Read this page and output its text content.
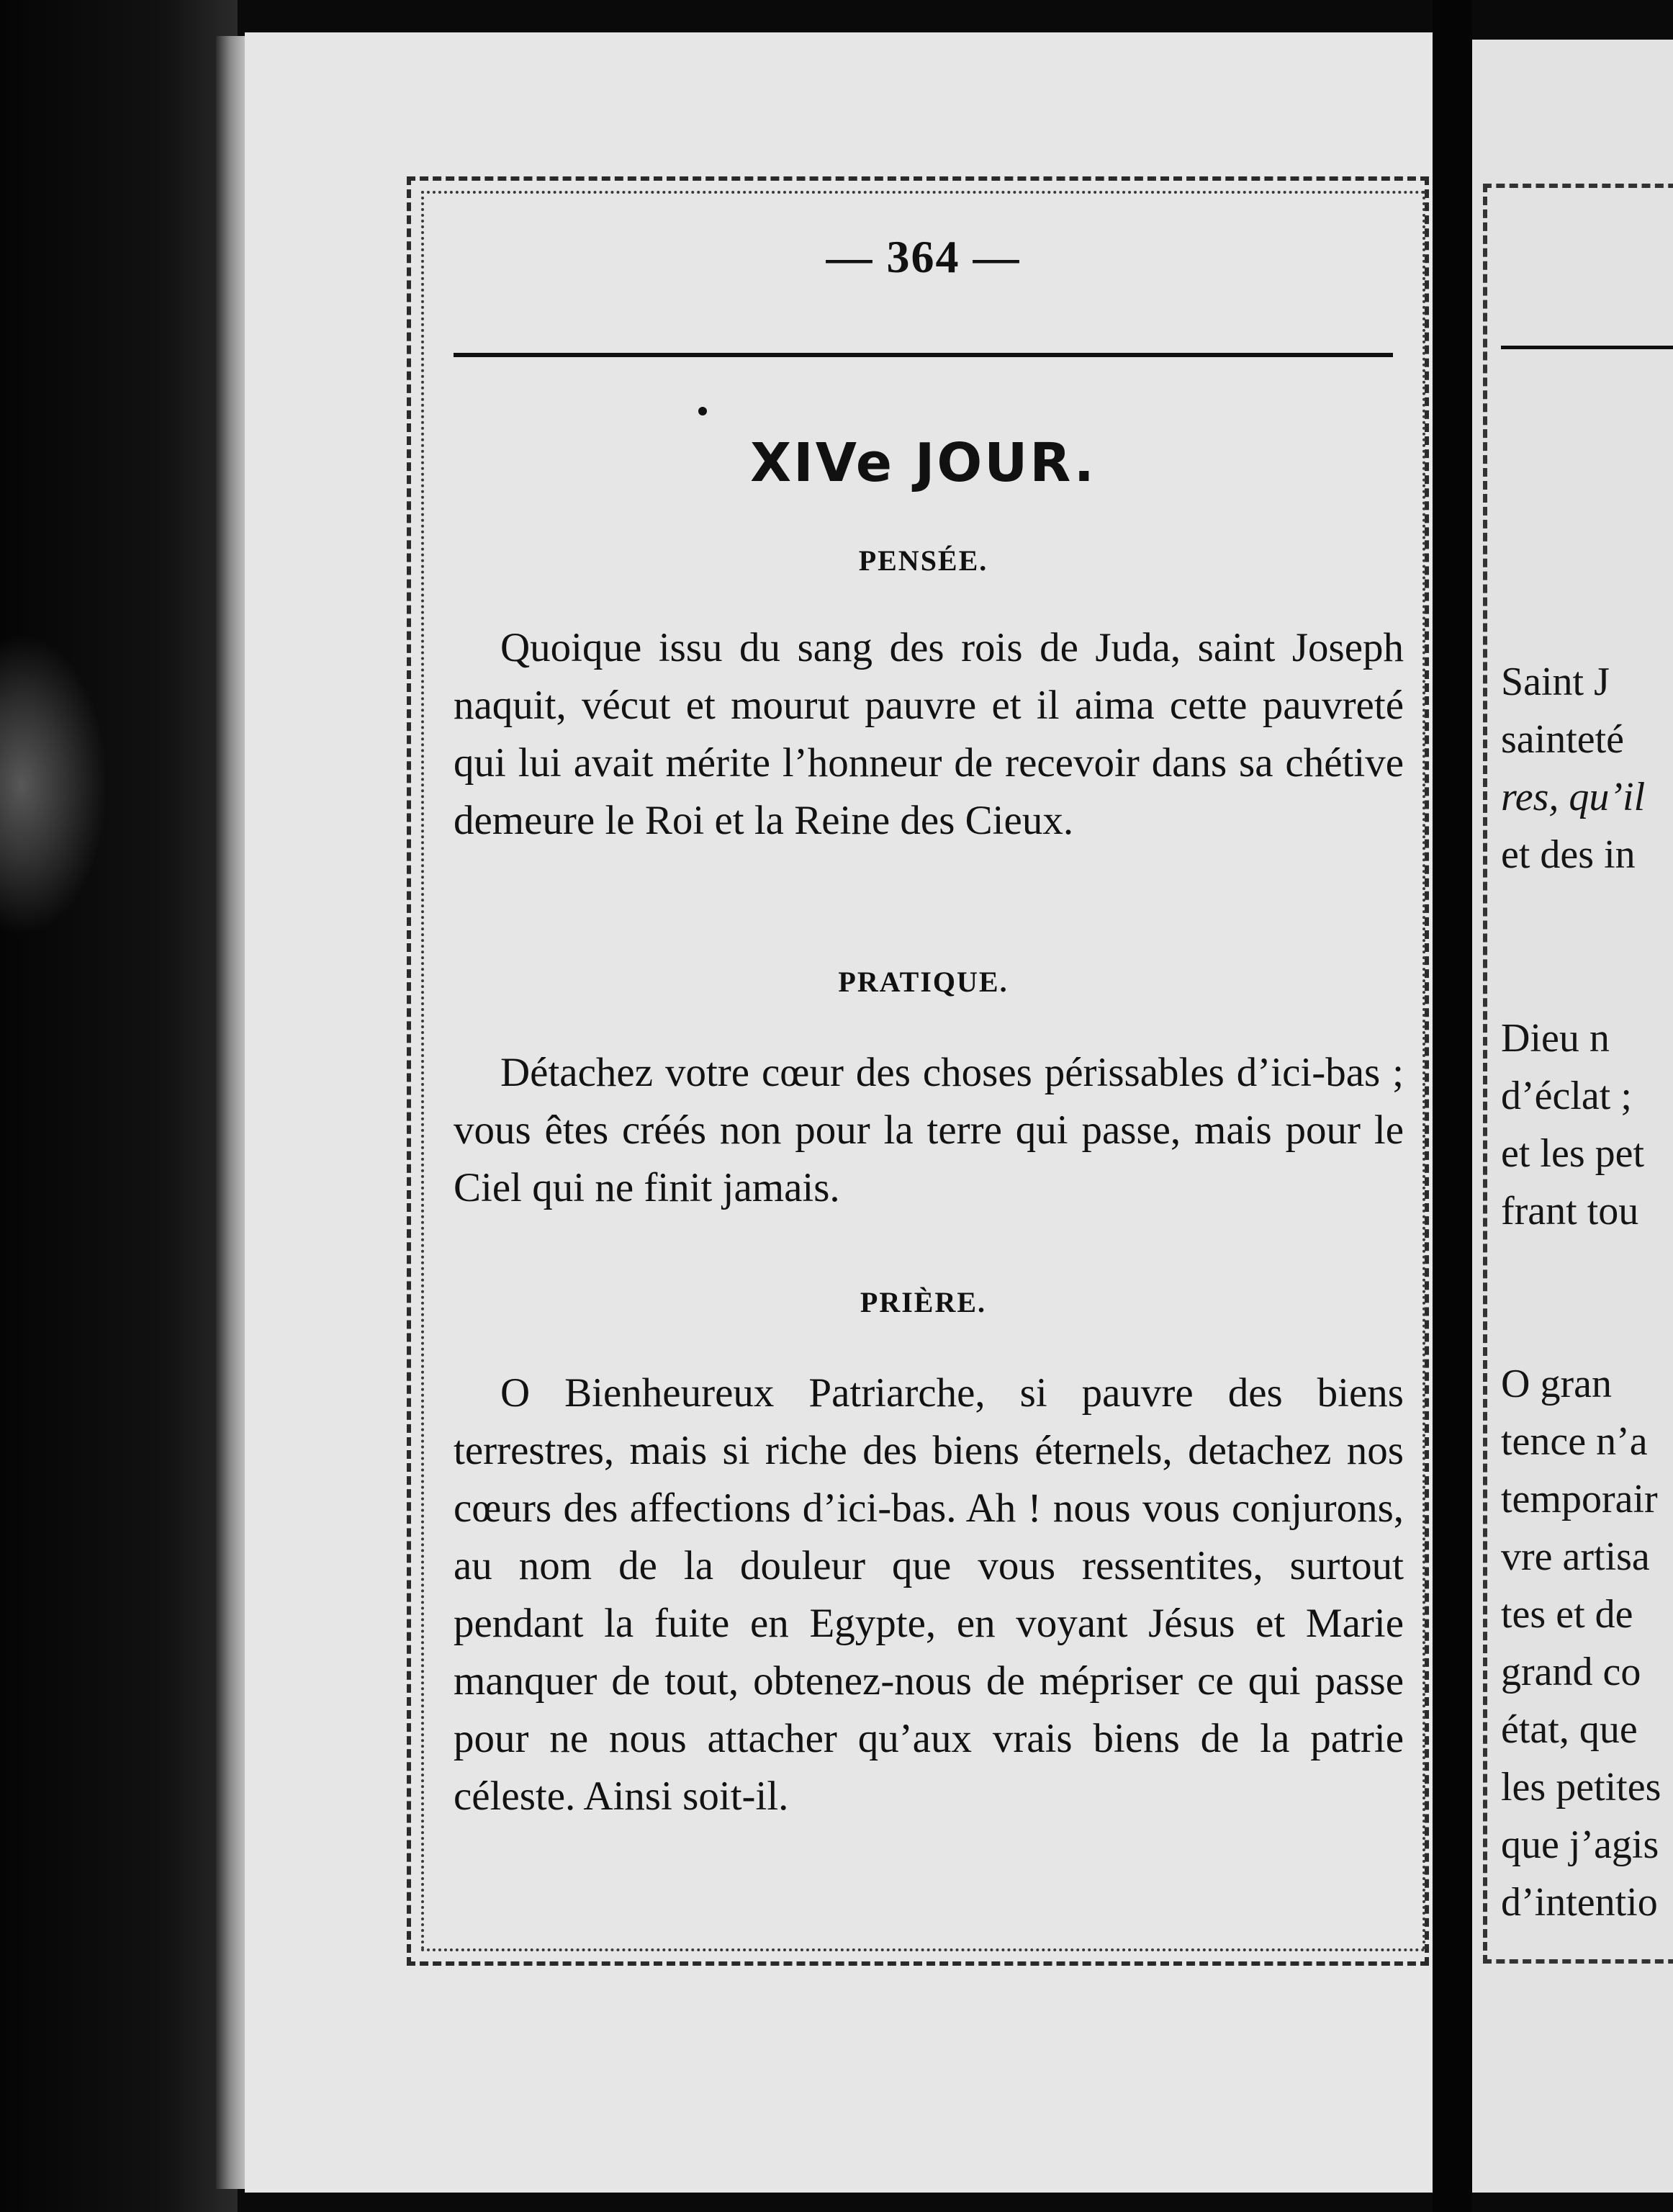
Saint J
sainteté
res, qu’il
et des in
Dieu n
d’éclat ;
et les pet
frant tou
O gran
tence n’a
temporair
vre artisa
tes et de
grand co
état, que
les petites
que j’agis
d’intentio
— 364 —
XIVe JOUR.
PENSÉE.

Quoique issu du sang des rois de Juda, saint Joseph naquit, vécut et mourut pauvre et il aima cette pauvreté qui lui avait mérite l’honneur de recevoir dans sa chétive demeure le Roi et la Reine des Cieux.

PRATIQUE.

Détachez votre cœur des choses périssables d’ici-bas ; vous êtes créés non pour la terre qui passe, mais pour le Ciel qui ne finit jamais.

PRIÈRE.

O Bienheureux Patriarche, si pauvre des biens terrestres, mais si riche des biens éternels, detachez nos cœurs des affections d’ici-bas. Ah ! nous vous conjurons, au nom de la douleur que vous ressentites, surtout pendant la fuite en Egypte, en voyant Jésus et Marie manquer de tout, obtenez-nous de mépriser ce qui passe pour ne nous attacher qu’aux vrais biens de la patrie céleste. Ainsi soit-il.
